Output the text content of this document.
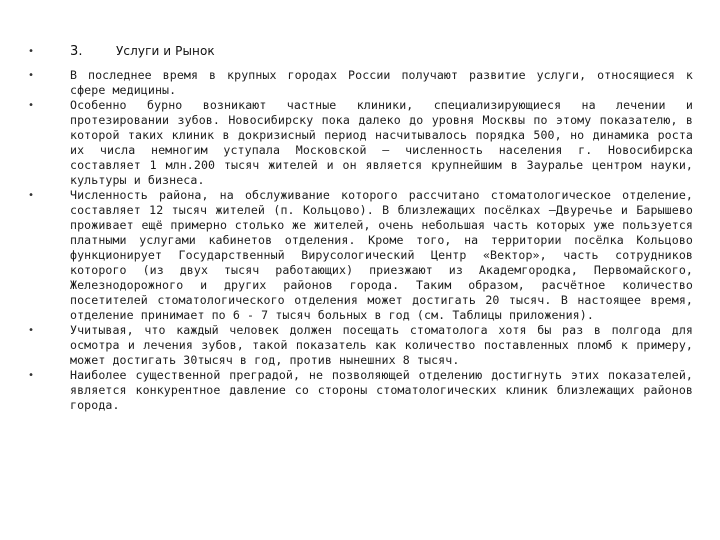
•	3.	Услуги и Рынок
•	В последнее время в крупных городах России получают развитие услуги, относящиеся к сфере медицины.
•	Особенно бурно возникают частные клиники, специализирующиеся на лечении и протезировании зубов. Новосибирску пока далеко до уровня Москвы по этому показателю, в которой таких клиник в докризисный период насчитывалось порядка 500, но динамика роста их числа немногим уступала Московской – численность населения г. Новосибирска составляет 1 млн.200 тысяч жителей и он является крупнейшим в Зауралье центром науки, культуры и бизнеса.
•	Численность района, на обслуживание которого рассчитано стоматологическое отделение, составляет 12 тысяч жителей (п. Кольцово). В близлежащих посёлках –Двуречье и Барышево проживает ещё примерно столько же жителей, очень небольшая часть которых уже пользуется платными услугами кабинетов отделения. Кроме того, на территории посёлка Кольцово функционирует Государственный Вирусологический Центр «Вектор», часть сотрудников которого (из двух тысяч работающих) приезжают из Академгородка, Первомайского, Железнодорожного и других районов города. Таким образом, расчётное количество посетителей стоматологического отделения может достигать 20 тысяч. В настоящее время, отделение принимает по 6 - 7 тысяч больных в год (см. Таблицы приложения).
•	Учитывая, что каждый человек должен посещать стоматолога хотя бы раз в полгода для осмотра и лечения зубов, такой показатель как количество поставленных пломб к примеру, может достигать 30тысяч в год, против нынешних 8 тысяч.
•	Наиболее существенной преградой, не позволяющей отделению достигнуть этих показателей, является конкурентное давление со стороны стоматологических клиник близлежащих районов города.
